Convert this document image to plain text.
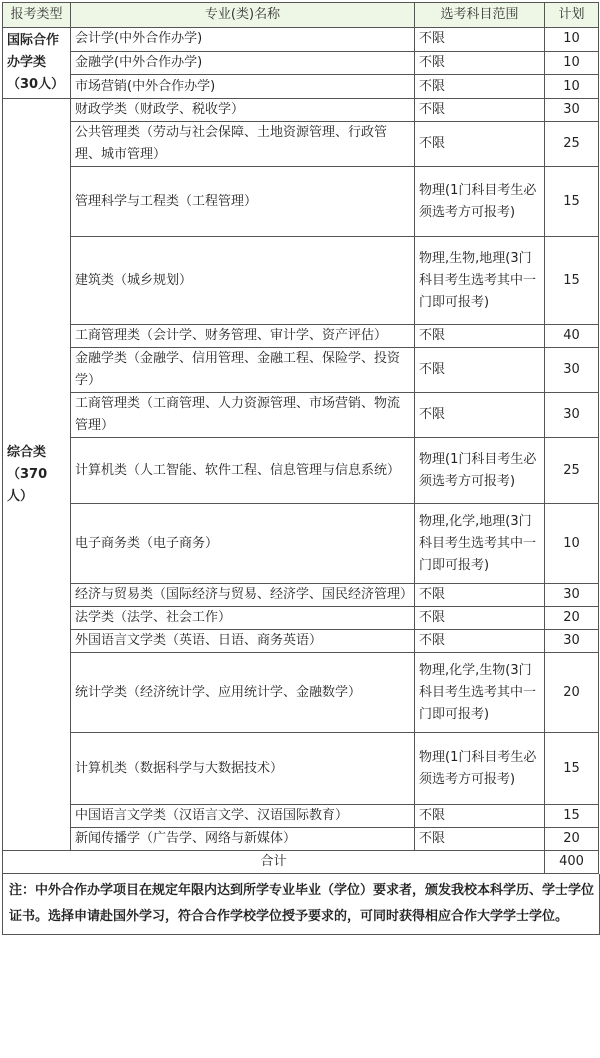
报考类型	专业(类)名称	选考科目范围	计划

国际合作
办学类
（30人）	会计学(中外合作办学)	不限	10
	金融学(中外合作办学)	不限	10
	市场营销(中外合作办学)	不限	10

综合类
（370
人）	财政学类（财政学、税收学）	不限	30
	公共管理类（劳动与社会保障、土地资源管理、行政管理、城市管理）	不限	25
	管理科学与工程类（工程管理）	物理(1门科目考生必须选考方可报考)	15
	建筑类（城乡规划）	物理,生物,地理(3门科目考生选考其中一门即可报考)	15
	工商管理类（会计学、财务管理、审计学、资产评估）	不限	40
	金融学类（金融学、信用管理、金融工程、保险学、投资学）	不限	30
	工商管理类（工商管理、人力资源管理、市场营销、物流管理）	不限	30
	计算机类（人工智能、软件工程、信息管理与信息系统）	物理(1门科目考生必须选考方可报考)	25
	电子商务类（电子商务）	物理,化学,地理(3门科目考生选考其中一门即可报考)	10
	经济与贸易类（国际经济与贸易、经济学、国民经济管理）	不限	30
	法学类（法学、社会工作）	不限	20
	外国语言文学类（英语、日语、商务英语）	不限	30
	统计学类（经济统计学、应用统计学、金融数学）	物理,化学,生物(3门科目考生选考其中一门即可报考)	20
	计算机类（数据科学与大数据技术）	物理(1门科目考生必须选考方可报考)	15
	中国语言文学类（汉语言文学、汉语国际教育）	不限	15
	新闻传播学（广告学、网络与新媒体）	不限	20
合计			400
注：中外合作办学项目在规定年限内达到所学专业毕业（学位）要求者，颁发我校本科学历、学士学位证书。选择申请赴国外学习，符合合作学校学位授予要求的，可同时获得相应合作大学学士学位。
